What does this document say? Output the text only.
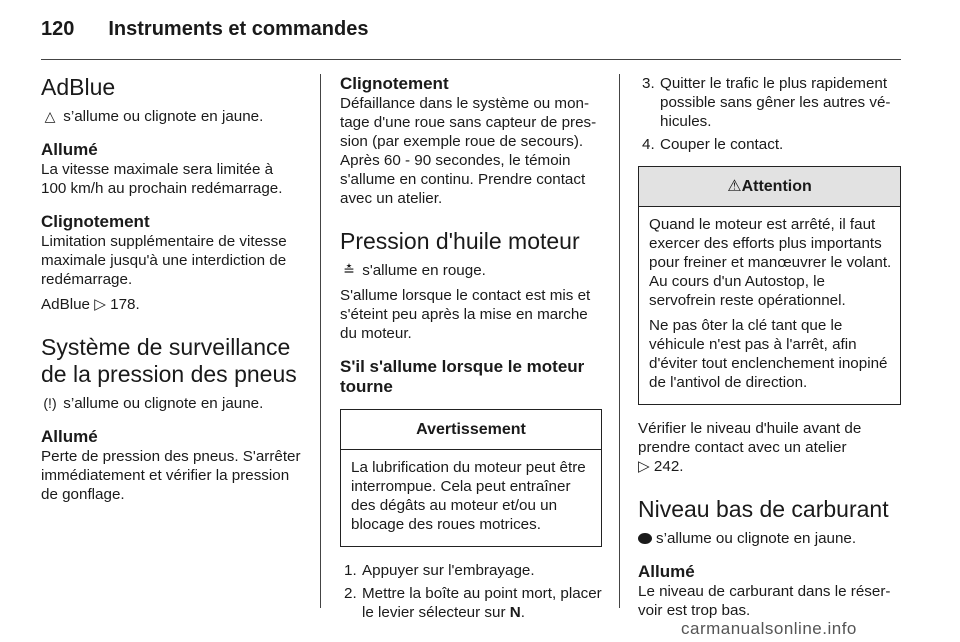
120 Instruments et commandes
AdBlue

△ s’allume ou clignote en jaune.

Allumé

La vitesse maximale sera limitée à 100 km/h au prochain redémarrage.

Clignotement

Limitation supplémentaire de vitesse maximale jusqu'à une interdiction de redémarrage.

AdBlue ▷ 178.

Système de surveillance de la pression des pneus

(!) s’allume ou clignote en jaune.

Allumé

Perte de pression des pneus. S'arrêter immédiatement et vérifier la pression de gonflage.

Clignotement

Défaillance dans le système ou montage d'une roue sans capteur de pression (par exemple roue de secours). Après 60 - 90 secondes, le témoin s'allume en continu. Prendre contact avec un atelier.

Pression d'huile moteur

≛ s'allume en rouge.

S'allume lorsque le contact est mis et s'éteint peu après la mise en marche du moteur.

S'il s'allume lorsque le moteur tourne
Avertissement

La lubrification du moteur peut être interrompue. Cela peut entraîner des dégâts au moteur et/ou un blocage des roues motrices.

1. Appuyer sur l'embrayage.
2. Mettre la boîte au point mort, placer le levier sélecteur sur N.
3. Quitter le trafic le plus rapidement possible sans gêner les autres véhicules.
4. Couper le contact.
⚠Attention

Quand le moteur est arrêté, il faut exercer des efforts plus importants pour freiner et manœuvrer le volant. Au cours d'un Autostop, le servofrein reste opérationnel.

Ne pas ôter la clé tant que le véhicule n'est pas à l'arrêt, afin d'éviter tout enclenchement inopiné de l'antivol de direction.

Vérifier le niveau d'huile avant de prendre contact avec un atelier
▷ 242.

Niveau bas de carburant

s’allume ou clignote en jaune.

Allumé

Le niveau de carburant dans le réservoir est trop bas.

carmanualsonline.info
